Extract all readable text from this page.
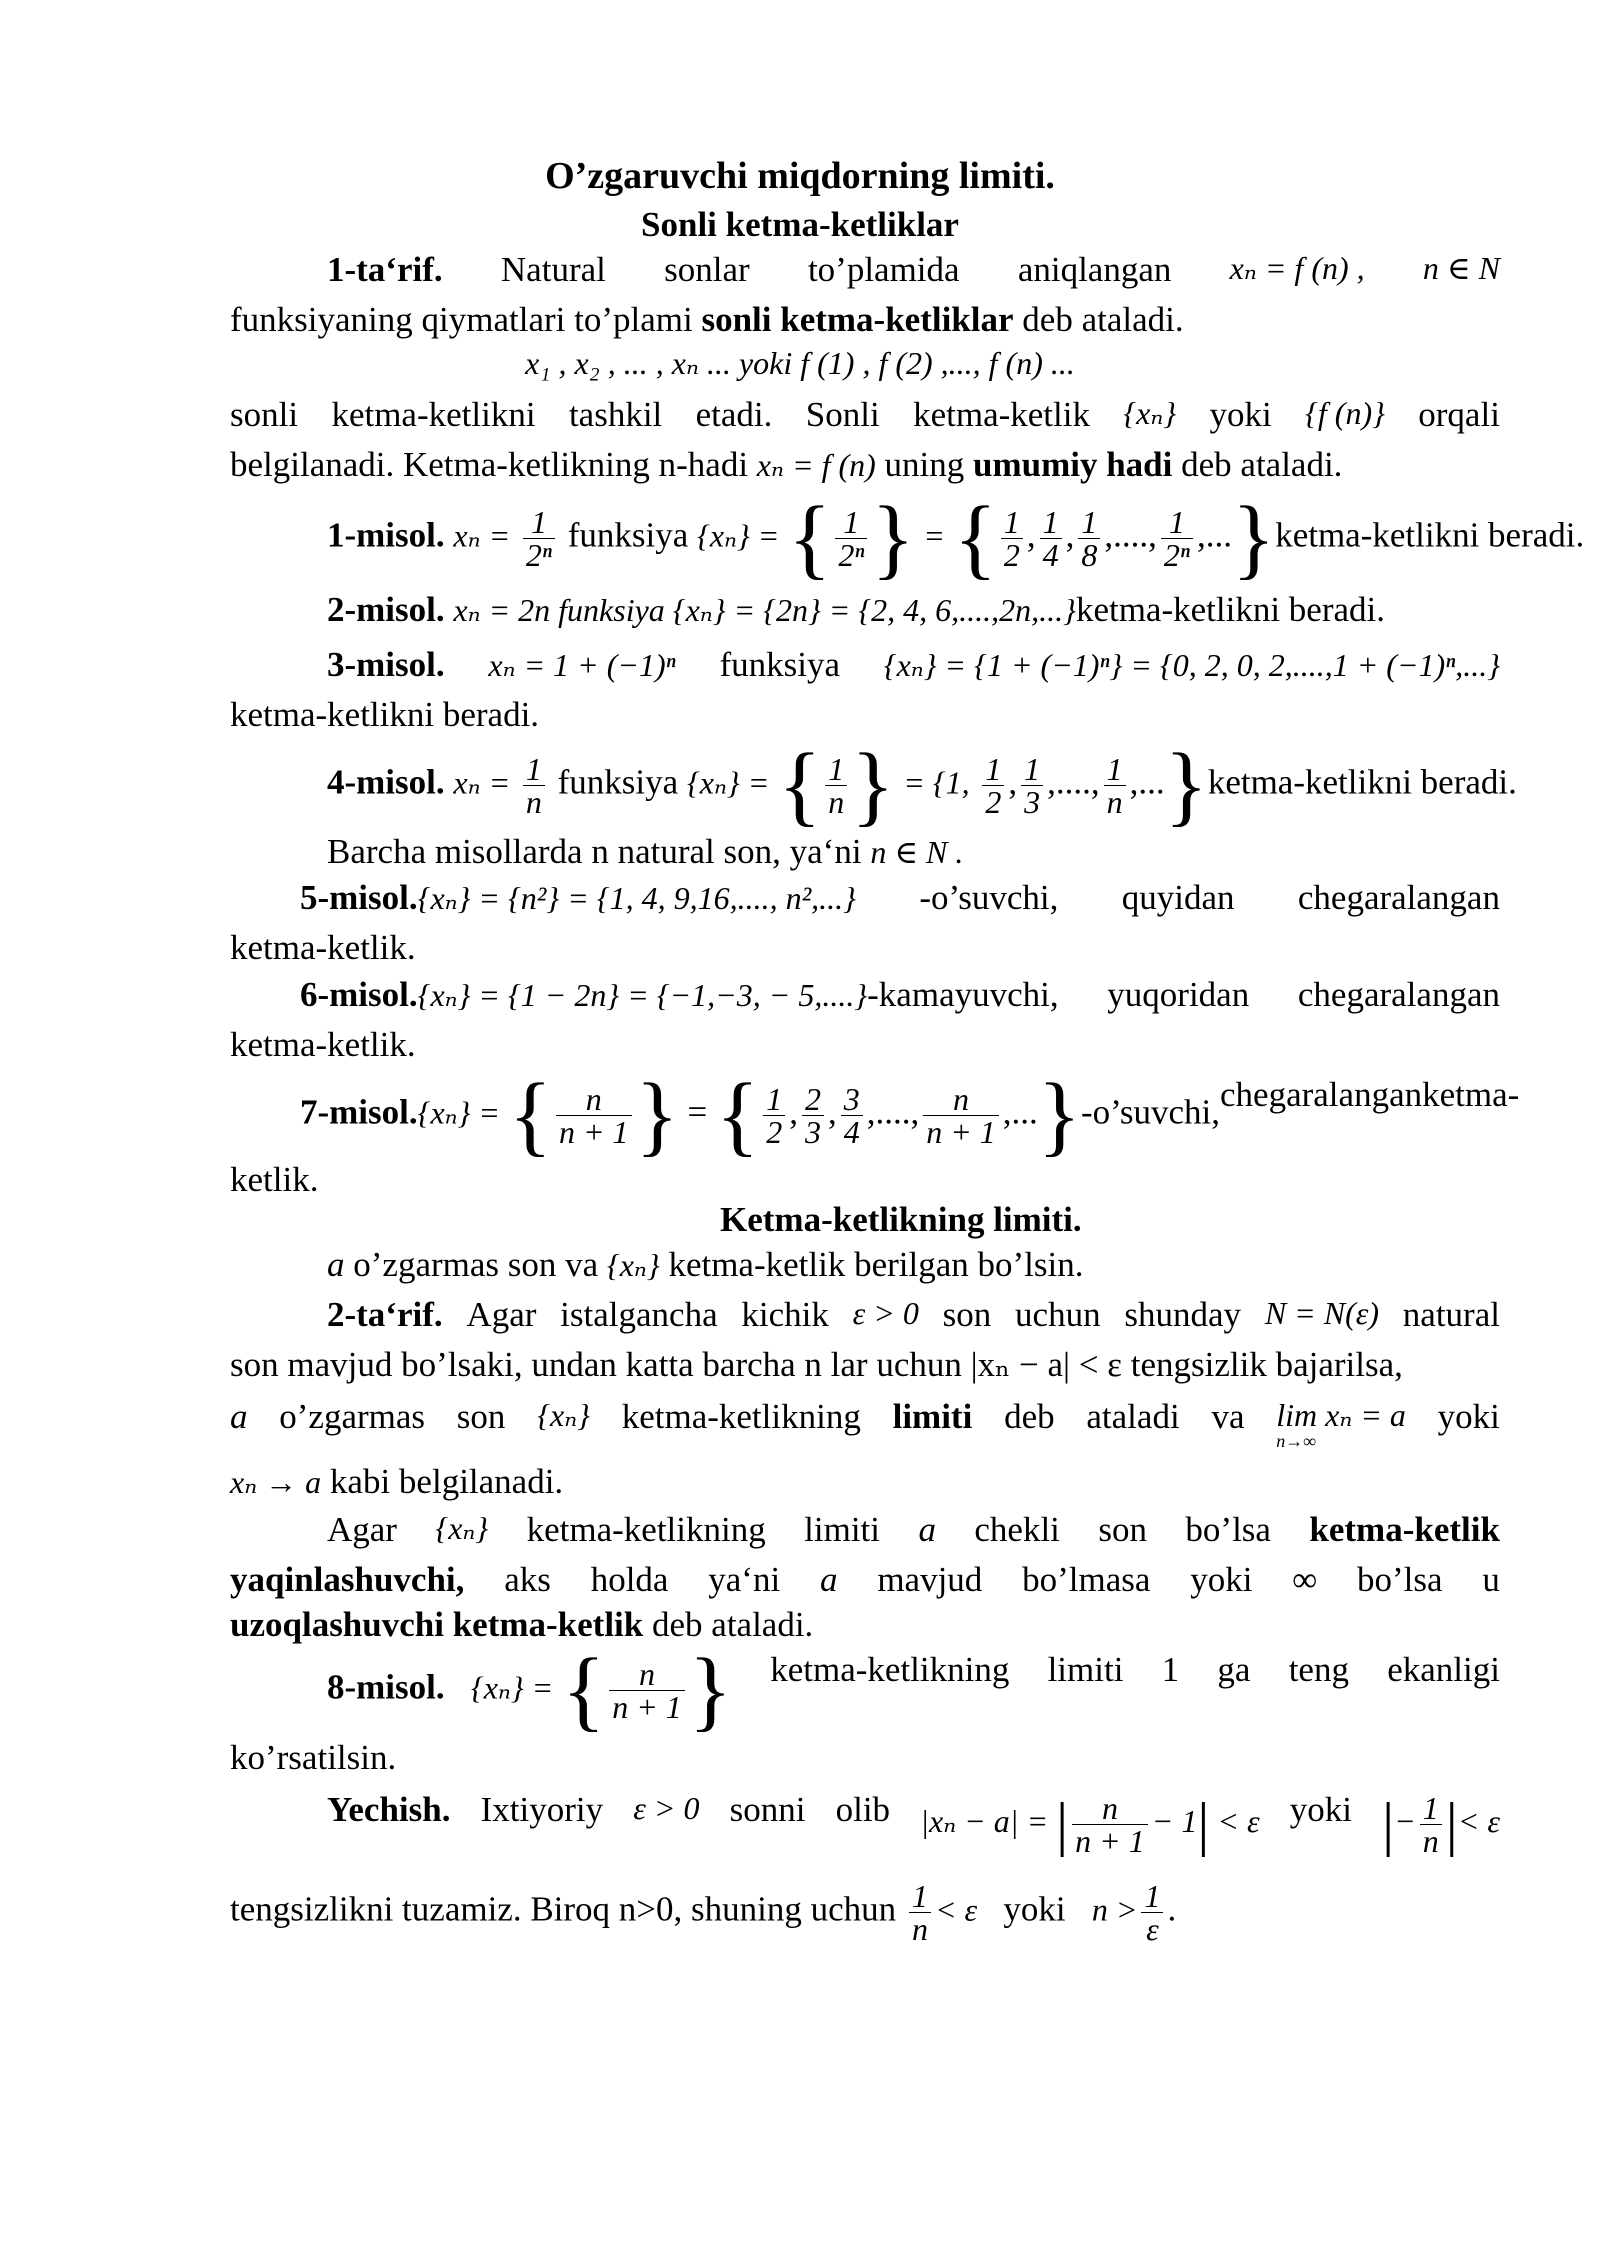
O’zgaruvchi miqdorning limiti.
Sonli ketma-ketliklar
1-ta‘rif. Natural sonlar to’plamida aniqlangan xₙ = f (n) , n ∈ N
funksiyaning qiymatlari to’plami sonli ketma-ketliklar deb ataladi.
x₁ , x₂ , ... , xₙ ... yoki f (1) , f (2) ,..., f (n) ...
sonli ketma-ketlikni tashkil etadi. Sonli ketma-ketlik {xₙ} yoki {f (n)} orqali
belgilanadi. Ketma-ketlikning n-hadi xₙ = f (n) uning umumiy hadi deb ataladi.
1-misol. $x_n = \frac{1}{\text{2ⁿ}}$ funksiya {xₙ} = { $\frac{1}{\text{2ⁿ}}$ } = { $\frac{1}{2}$ , $\frac{1}{4}$ , $\frac{1}{8}$ ,...., $\frac{1}{\text{2ⁿ}}$ ,...}ketma-ketlikni beradi.
2-misol. xₙ = 2n funksiya {xₙ} = {2n} = {2, 4, 6,....,2n,...}ketma-ketlikni beradi.
3-misol. xₙ = 1 + (−1)ⁿ funksiya {xₙ} = {1 + (−1)ⁿ} = {0, 2, 0, 2,....,1 + (−1)ⁿ,...}
ketma-ketlikni beradi.
4-misol. $x_n = \frac{1}{n}$ funksiya {xₙ} = { $\frac{1}{n}$ } = {1, $\frac{1}{2}$ , $\frac{1}{3}$ ,...., $\frac{1}{n}$ ,...}ketma-ketlikni beradi.
Barcha misollarda n natural son, ya‘ni n ∈ N .
5-misol.{xₙ} = {n²} = {1, 4, 9,16,...., n²,...} -o’suvchi, quyidan chegaralangan
ketma-ketlik.
6-misol.{xₙ} = {1 − 2n} = {−1,−3, − 5,....}-kamayuvchi, yuqoridan chegaralangan
ketma-ketlik.
7-misol.{xₙ} = { $\frac{n}{n + 1}$ } = { $\frac{1}{2}$ , $\frac{2}{3}$ , $\frac{3}{4}$ ,...., $\frac{n}{n + 1}$ ,...}-o’suvchi, chegaralanganketma-
ketlik.
Ketma-ketlikning limiti.
a o’zgarmas son va {xₙ} ketma-ketlik berilgan bo’lsin.
2-ta‘rif. Agar istalgancha kichik ε > 0 son uchun shunday N = N(ε) natural
son mavjud bo’lsaki, undan katta barcha n lar uchun |xₙ − a| < ε tengsizlik bajarilsa,
a o’zgarmas son {xₙ} ketma-ketlikning limiti deb ataladi va lim xₙ = a
n→∞
yoki
xₙ → a kabi belgilanadi.
Agar {xₙ} ketma-ketlikning limiti a chekli son bo’lsa ketma-ketlik
yaqinlashuvchi, aks holda ya‘ni a mavjud bo’lmasa yoki ∞ bo’lsa u
uzoqlashuvchi ketma-ketlik deb ataladi.
8-misol. {xₙ} = { $\frac{n}{n + 1}$ } ketma-ketlikning limiti 1 ga teng ekanligi
ko’rsatilsin.
Yechish. Ixtiyoriy ε > 0 sonni olib |xₙ − a| = | $\frac{n}{n + 1} - 1| < \varepsilon$ yoki |− $\frac{1}{n}$ |< ε
tengsizlikni tuzamiz. Biroq n>0, shuning uchun $\frac{1}{n} < \varepsilon$ yoki $n > \frac{1}{\varepsilon}$ .
